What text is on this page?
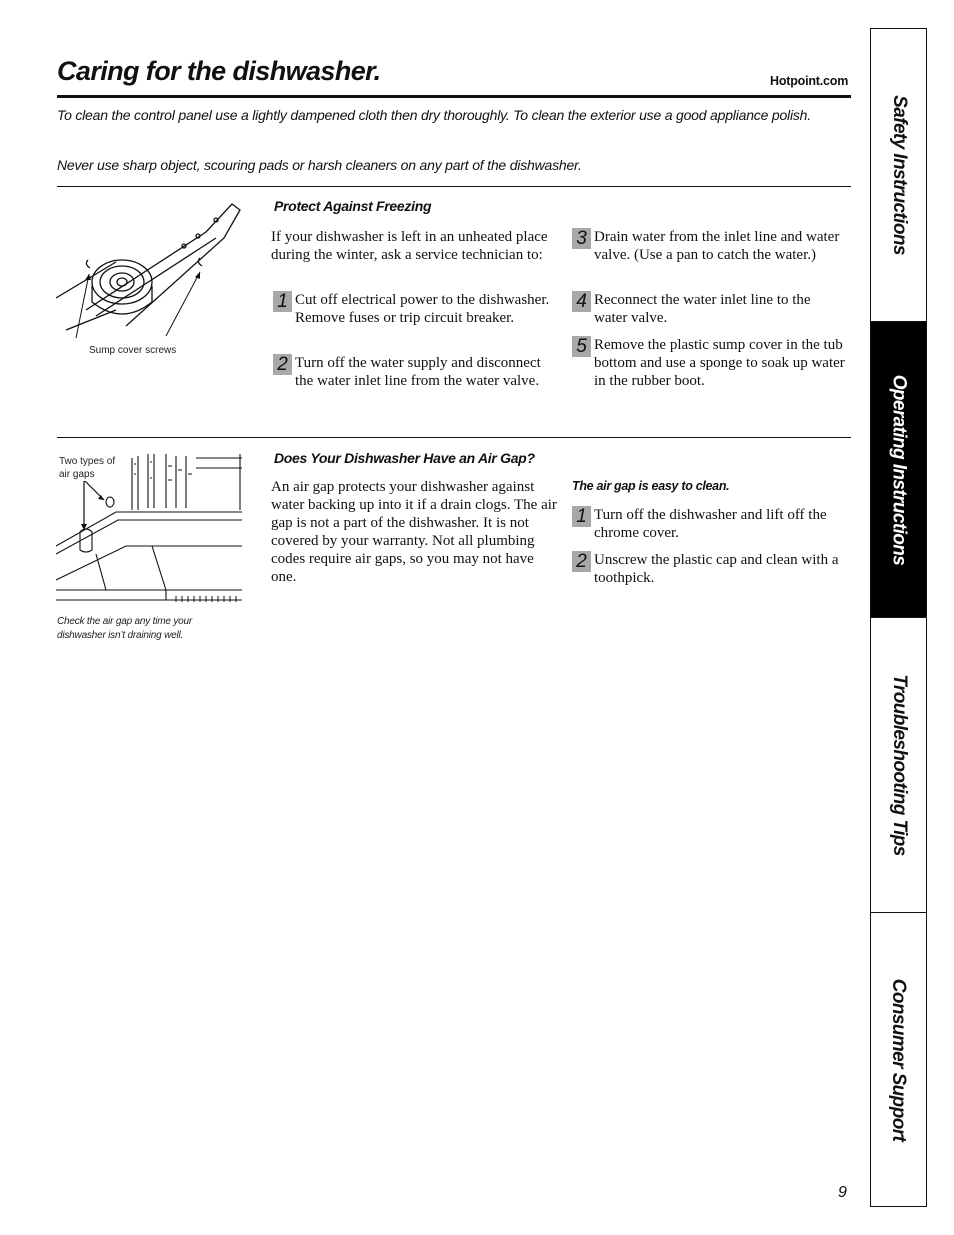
Caring for the dishwasher.	Hotpoint.com

To clean the control panel use a lightly dampened cloth then dry thoroughly. To clean the exterior use a good appliance polish.

Never use sharp object, scouring pads or harsh cleaners on any part of the dishwasher.

Sump cover screws
Protect Against Freezing
If your dishwasher is left in an unheated place during the winter, ask a service technician to:
1 Cut off electrical power to the dishwasher. Remove fuses or trip circuit breaker.
2 Turn off the water supply and disconnect the water inlet line from the water valve.
3 Drain water from the inlet line and water valve. (Use a pan to catch the water.)
4 Reconnect the water inlet line to the water valve.
5 Remove the plastic sump cover in the tub bottom and use a sponge to soak up water in the rubber boot.
Two types of air gaps
Check the air gap any time your dishwasher isn’t draining well.
Does Your Dishwasher Have an Air Gap?
An air gap protects your dishwasher against water backing up into it if a drain clogs. The air gap is not a part of the dishwasher. It is not covered by your warranty. Not all plumbing codes require air gaps, so you may not have one.
The air gap is easy to clean.
1 Turn off the dishwasher and lift off the chrome cover.
2 Unscrew the plastic cap and clean with a toothpick.
Safety Instructions
Operating Instructions
Troubleshooting Tips
Consumer Support
9
